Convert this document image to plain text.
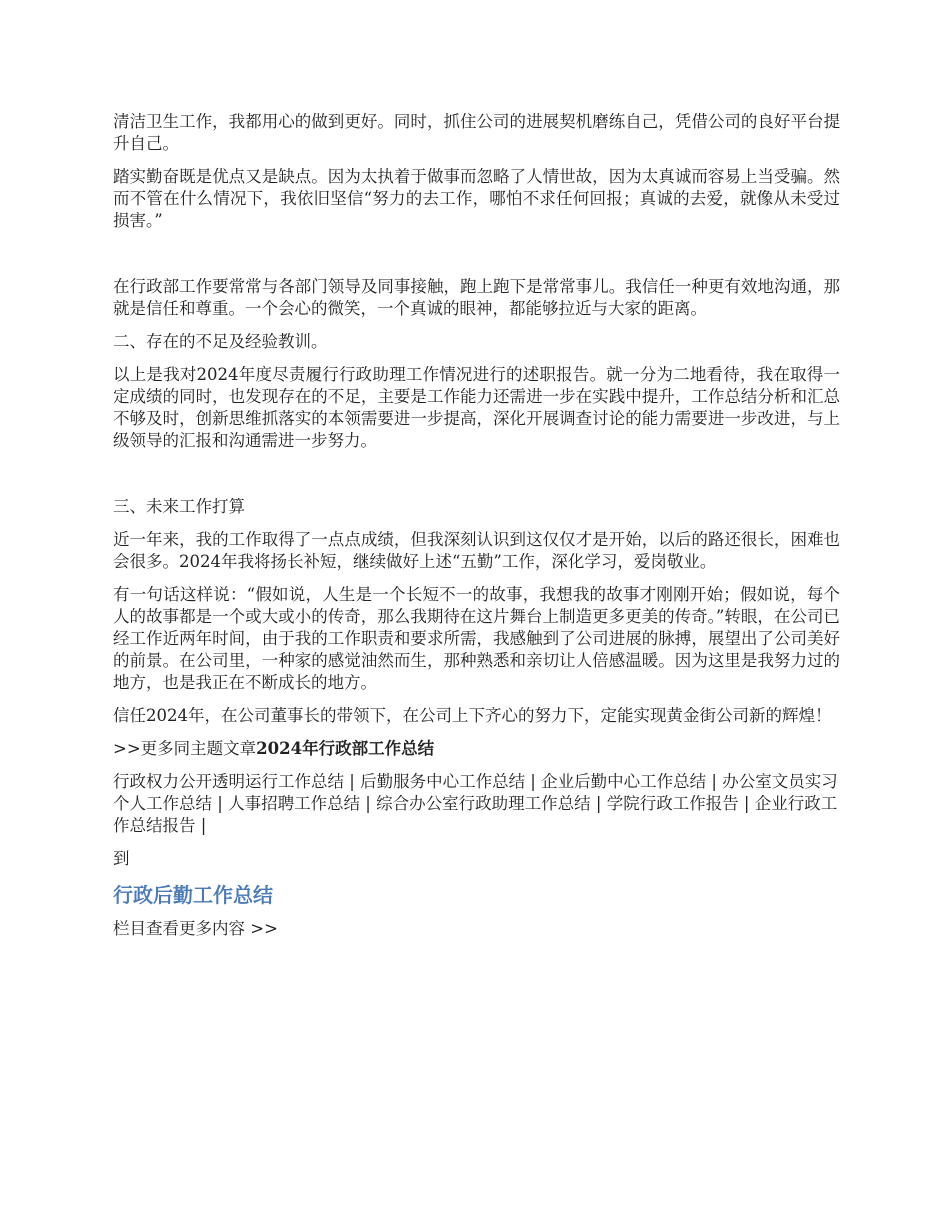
清洁卫生工作，我都用心的做到更好。同时，抓住公司的进展契机磨练自己，凭借公司的良好平台提升自己。

踏实勤奋既是优点又是缺点。因为太执着于做事而忽略了人情世故，因为太真诚而容易上当受骗。然而不管在什么情况下，我依旧坚信“努力的去工作，哪怕不求任何回报；真诚的去爱，就像从未受过损害。”

在行政部工作要常常与各部门领导及同事接触，跑上跑下是常常事儿。我信任一种更有效地沟通，那就是信任和尊重。一个会心的微笑，一个真诚的眼神，都能够拉近与大家的距离。

二、存在的不足及经验教训。

以上是我对2024年度尽责履行行政助理工作情况进行的述职报告。就一分为二地看待，我在取得一定成绩的同时，也发现存在的不足，主要是工作能力还需进一步在实践中提升，工作总结分析和汇总不够及时，创新思维抓落实的本领需要进一步提高，深化开展调查讨论的能力需要进一步改进，与上级领导的汇报和沟通需进一步努力。

三、未来工作打算

近一年来，我的工作取得了一点点成绩，但我深刻认识到这仅仅才是开始，以后的路还很长，困难也会很多。2024年我将扬长补短，继续做好上述“五勤”工作，深化学习，爱岗敬业。

有一句话这样说：“假如说，人生是一个长短不一的故事，我想我的故事才刚刚开始；假如说，每个人的故事都是一个或大或小的传奇，那么我期待在这片舞台上制造更多更美的传奇。”转眼，在公司已经工作近两年时间，由于我的工作职责和要求所需，我感触到了公司进展的脉搏，展望出了公司美好的前景。在公司里，一种家的感觉油然而生，那种熟悉和亲切让人倍感温暖。因为这里是我努力过的地方，也是我正在不断成长的地方。

信任2024年，在公司董事长的带领下，在公司上下齐心的努力下，定能实现黄金街公司新的辉煌！

>>更多同主题文章2024年行政部工作总结
行政权力公开透明运行工作总结 | 后勤服务中心工作总结 | 企业后勤中心工作总结 | 办公室文员实习个人工作总结 | 人事招聘工作总结 | 综合办公室行政助理工作总结 | 学院行政工作报告 | 企业行政工作总结报告 |

到

行政后勤工作总结

栏目查看更多内容 >>
